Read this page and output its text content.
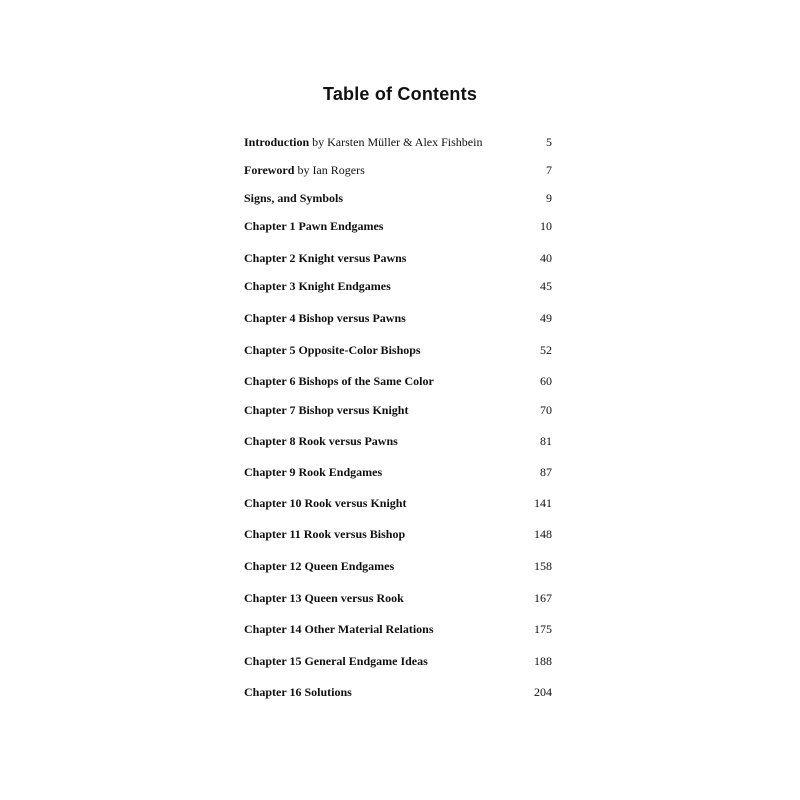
Table of Contents
Introduction by Karsten Müller & Alex Fishbein	5
Foreword by Ian Rogers	7
Signs, and Symbols	9
Chapter 1 Pawn Endgames	10
Chapter 2 Knight versus Pawns	40
Chapter 3 Knight Endgames	45
Chapter 4 Bishop versus Pawns	49
Chapter 5 Opposite-Color Bishops	52
Chapter 6 Bishops of the Same Color	60
Chapter 7 Bishop versus Knight	70
Chapter 8 Rook versus Pawns	81
Chapter 9 Rook Endgames	87
Chapter 10 Rook versus Knight	141
Chapter 11 Rook versus Bishop	148
Chapter 12 Queen Endgames	158
Chapter 13 Queen versus Rook	167
Chapter 14 Other Material Relations	175
Chapter 15 General Endgame Ideas	188
Chapter 16 Solutions	204
